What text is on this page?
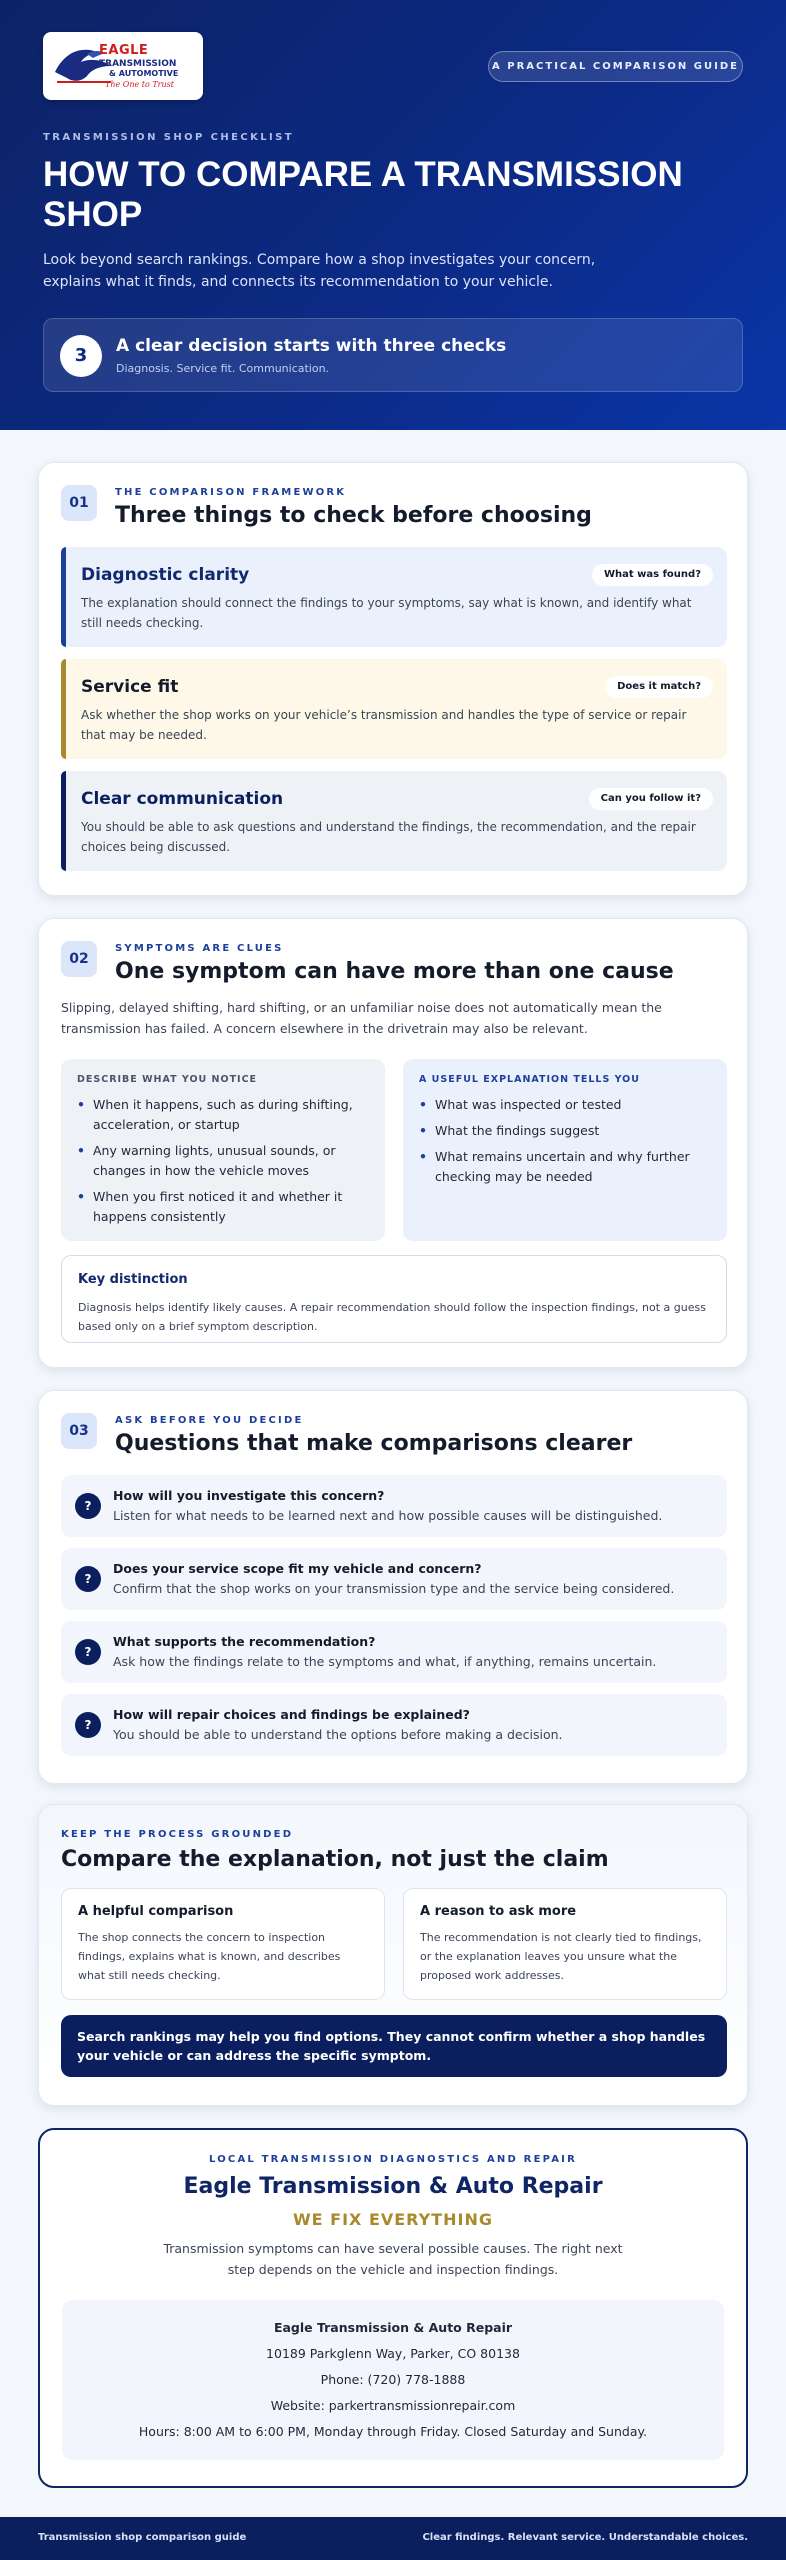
EAGLE
TRANSMISSION
& AUTOMOTIVE
The One to Trust
A PRACTICAL COMPARISON GUIDE
TRANSMISSION SHOP CHECKLIST
HOW TO COMPARE A TRANSMISSION SHOP

Look beyond search rankings. Compare how a shop investigates your concern, explains what it finds, and connects its recommendation to your vehicle.

3	A clear decision starts with three checks
Diagnosis. Service fit. Communication.
01
THE COMPARISON FRAMEWORK
Three things to check before choosing
Diagnostic clarity	What was found?
The explanation should connect the findings to your symptoms, say what is known, and identify what still needs checking.
Service fit	Does it match?
Ask whether the shop works on your vehicle’s transmission and handles the type of service or repair that may be needed.
Clear communication	Can you follow it?
You should be able to ask questions and understand the findings, the recommendation, and the repair choices being discussed.
02
SYMPTOMS ARE CLUES
One symptom can have more than one cause

Slipping, delayed shifting, hard shifting, or an unfamiliar noise does not automatically mean the transmission has failed. A concern elsewhere in the drivetrain may also be relevant.

DESCRIBE WHAT YOU NOTICE
• When it happens, such as during shifting, acceleration, or startup
• Any warning lights, unusual sounds, or changes in how the vehicle moves
• When you first noticed it and whether it happens consistently
A USEFUL EXPLANATION TELLS YOU
• What was inspected or tested
• What the findings suggest
• What remains uncertain and why further checking may be needed
Key distinction
Diagnosis helps identify likely causes. A repair recommendation should follow the inspection findings, not a guess based only on a brief symptom description.
03
ASK BEFORE YOU DECIDE
Questions that make comparisons clearer
?
How will you investigate this concern?
Listen for what needs to be learned next and how possible causes will be distinguished.
?
Does your service scope fit my vehicle and concern?
Confirm that the shop works on your transmission type and the service being considered.
?
What supports the recommendation?
Ask how the findings relate to the symptoms and what, if anything, remains uncertain.
?
How will repair choices and findings be explained?
You should be able to understand the options before making a decision.
KEEP THE PROCESS GROUNDED
Compare the explanation, not just the claim
A helpful comparison
The shop connects the concern to inspection findings, explains what is known, and describes what still needs checking.
A reason to ask more
The recommendation is not clearly tied to findings, or the explanation leaves you unsure what the proposed work addresses.
Search rankings may help you find options. They cannot confirm whether a shop handles your vehicle or can address the specific symptom.
LOCAL TRANSMISSION DIAGNOSTICS AND REPAIR
Eagle Transmission & Auto Repair
WE FIX EVERYTHING
Transmission symptoms can have several possible causes. The right next step depends on the vehicle and inspection findings.
Eagle Transmission & Auto Repair
10189 Parkglenn Way, Parker, CO 80138
Phone: (720) 778-1888
Website: parkertransmissionrepair.com
Hours: 8:00 AM to 6:00 PM, Monday through Friday. Closed Saturday and Sunday.
Transmission shop comparison guide	Clear findings. Relevant service. Understandable choices.
